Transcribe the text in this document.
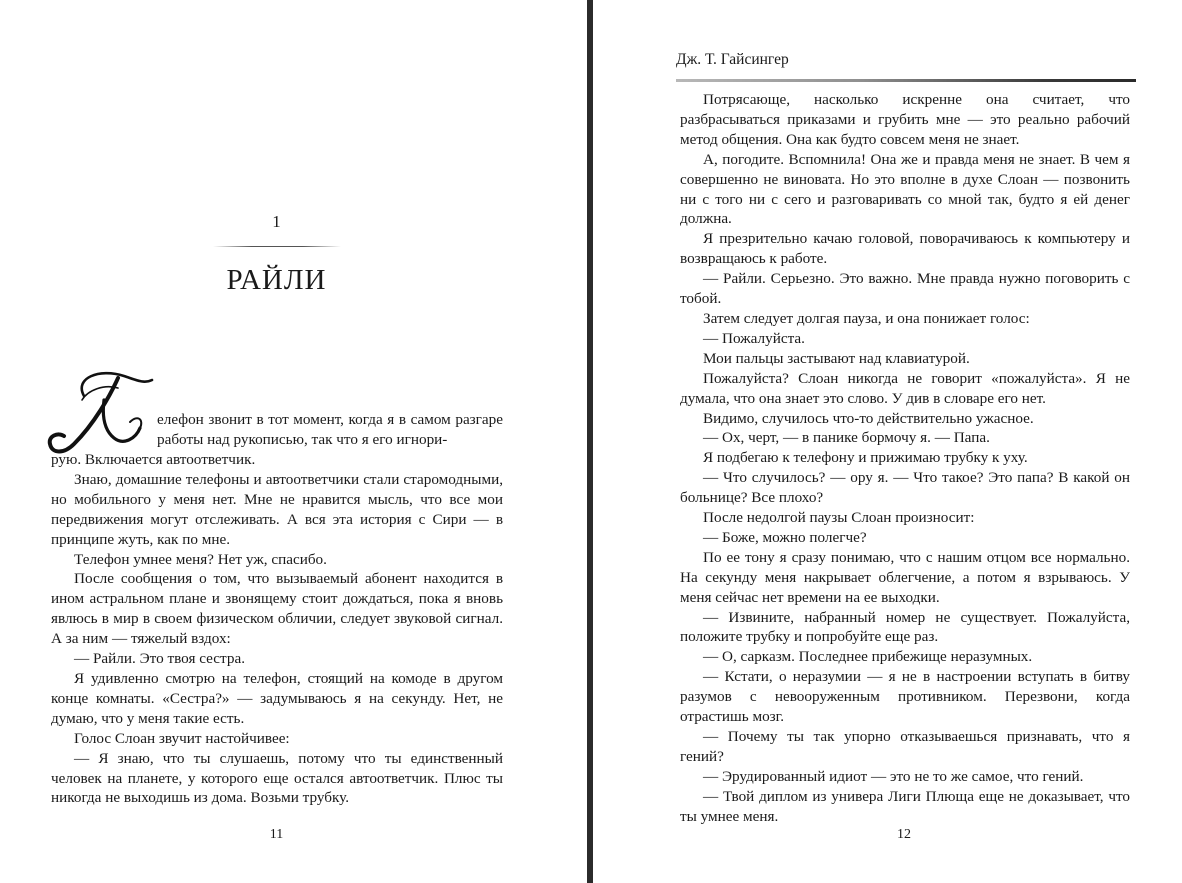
1
РАЙЛИ

елефон звонит в тот момент, когда я в самом разгаре работы над рукописью, так что я его игнори-

рую. Включается автоответчик.

Знаю, домашние телефоны и автоответчики стали старомодными, но мобильного у меня нет. Мне не нравится мысль, что все мои передвижения могут отслеживать. А вся эта история с Сири — в принципе жуть, как по мне.

Телефон умнее меня? Нет уж, спасибо.

После сообщения о том, что вызываемый абонент находится в ином астральном плане и звонящему стоит дождаться, пока я вновь явлюсь в мир в своем физическом обличии, следует звуковой сигнал. А за ним — тяжелый вздох:

— Райли. Это твоя сестра.

Я удивленно смотрю на телефон, стоящий на комоде в другом конце комнаты. «Сестра?» — задумываюсь я на секунду. Нет, не думаю, что у меня такие есть.

Голос Слоан звучит настойчивее:

— Я знаю, что ты слушаешь, потому что ты единственный человек на планете, у которого еще остался автоответчик. Плюс ты никогда не выходишь из дома. Возьми трубку.

11
Дж. Т. Гайсингер

Потрясающе, насколько искренне она считает, что разбрасываться приказами и грубить мне — это реально рабочий метод общения. Она как будто совсем меня не знает.

А, погодите. Вспомнила! Она же и правда меня не знает. В чем я совершенно не виновата. Но это вполне в духе Слоан — позвонить ни с того ни с сего и разговаривать со мной так, будто я ей денег должна.

Я презрительно качаю головой, поворачиваюсь к компьютеру и возвращаюсь к работе.

— Райли. Серьезно. Это важно. Мне правда нужно поговорить с тобой.

Затем следует долгая пауза, и она понижает голос:

— Пожалуйста.

Мои пальцы застывают над клавиатурой.

Пожалуйста? Слоан никогда не говорит «пожалуйста». Я не думала, что она знает это слово. У див в словаре его нет.

Видимо, случилось что-то действительно ужасное.

— Ох, черт, — в панике бормочу я. — Папа.

Я подбегаю к телефону и прижимаю трубку к уху.

— Что случилось? — ору я. — Что такое? Это папа? В какой он больнице? Все плохо?

После недолгой паузы Слоан произносит:

— Боже, можно полегче?

По ее тону я сразу понимаю, что с нашим отцом все нормально. На секунду меня накрывает облегчение, а потом я взрываюсь. У меня сейчас нет времени на ее выходки.

— Извините, набранный номер не существует. Пожалуйста, положите трубку и попробуйте еще раз.

— О, сарказм. Последнее прибежище неразумных.

— Кстати, о неразумии — я не в настроении вступать в битву разумов с невооруженным противником. Перезвони, когда отрастишь мозг.

— Почему ты так упорно отказываешься признавать, что я гений?

— Эрудированный идиот — это не то же самое, что гений.

— Твой диплом из универа Лиги Плюща еще не доказывает, что ты умнее меня.

12
